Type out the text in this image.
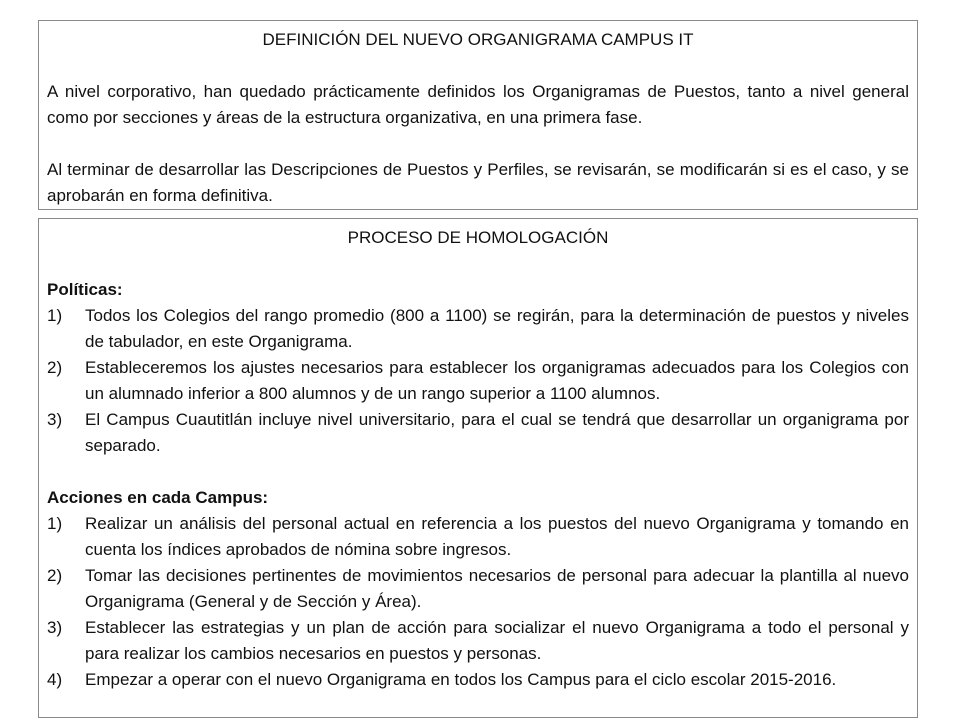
DEFINICIÓN DEL NUEVO ORGANIGRAMA CAMPUS IT

A nivel corporativo, han quedado prácticamente definidos los Organigramas de Puestos, tanto a nivel general como por secciones y áreas de la estructura organizativa, en una primera fase.

Al terminar de desarrollar las Descripciones de Puestos y Perfiles, se revisarán, se modificarán si es el caso, y se aprobarán en forma definitiva.

PROCESO DE HOMOLOGACIÓN
Políticas:
1)	Todos los Colegios del rango promedio (800 a 1100) se regirán, para la determinación de puestos y niveles de tabulador, en este Organigrama.
2)	Estableceremos los ajustes necesarios para establecer los organigramas adecuados para los Colegios con un alumnado inferior a 800 alumnos y de un rango superior a 1100 alumnos.
3)	El Campus Cuautitlán incluye nivel universitario, para el cual se tendrá que desarrollar un organigrama por separado.
Acciones en cada Campus:
1)	Realizar un análisis del personal actual en referencia a los puestos del nuevo Organigrama y tomando en cuenta los índices aprobados de nómina sobre ingresos.
2)	Tomar las decisiones pertinentes de movimientos necesarios de personal para adecuar la plantilla al nuevo Organigrama (General y de Sección y Área).
3)	Establecer las estrategias y un plan de acción para socializar el nuevo Organigrama a todo el personal y para realizar los cambios necesarios en puestos y personas.
4)	Empezar a operar con el nuevo Organigrama en todos los Campus para el ciclo escolar 2015-2016.
